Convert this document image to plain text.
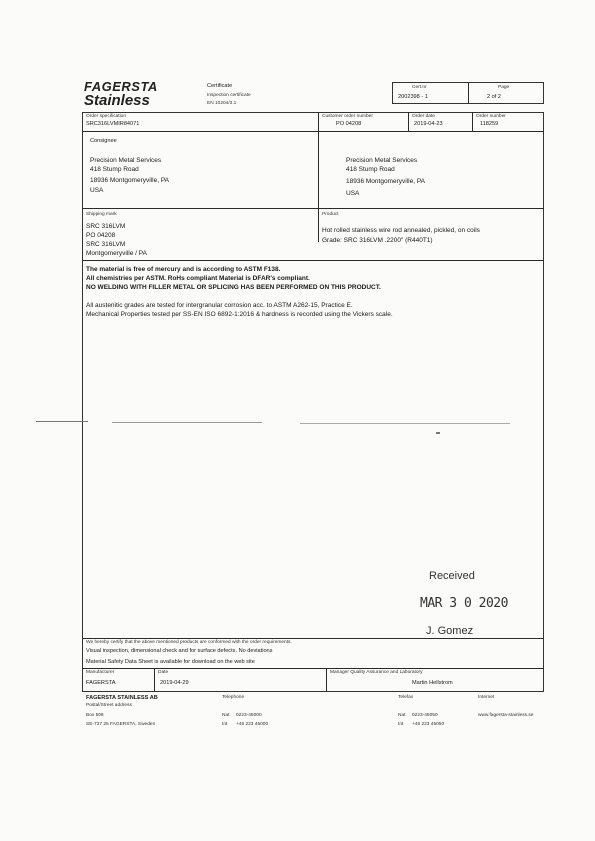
FAGERSTA
Stainless
Certificate
Inspection certificate
EN 10204/3.1
Cert.nr
2002398 - 1
Page
2 of 2
Order specification
SRC316LVMIR84071
Customer order number
PO 04208
Order date
2019-04-23
Order number
118259
Consignee
Precision Metal Services
418 Stump Road
18936 Montgomeryville, PA
USA
Precision Metal Services
418 Stump Road
18936 Montgomeryville, PA
USA
Shipping mark
SRC 316LVM
PO 04208
SRC 316LVM
Montgomeryville / PA
Product
Hot rolled stainless wire rod annealed, pickled, on coils
Grade: SRC 316LVM .2200" (R440T1)
The material is free of mercury and is according to ASTM F138.
All chemistries per ASTM. RoHs compliant Material is DFAR's compliant.
NO WELDING WITH FILLER METAL OR SPLICING HAS BEEN PERFORMED ON THIS PRODUCT.
All austenitic grades are tested for intergranular corrosion acc. to ASTM A262-15, Practice E.
Mechanical Properties tested per SS-EN ISO 6892-1:2016 & hardness is recorded using the Vickers scale.
Received
MAR 3 0 2020
J. Gomez
We hereby certify that the above mentioned products are conformed with the order requirements.
Visual inspection, dimensional check and for surface defects. No deviations
Material Safety Data Sheet is available for download on the web site
Manufacturer
FAGERSTA
Date
2019-04-29
Manager Quality Assurance and Laboratory
Martin Hellstrom
FAGERSTA STAINLESS AB
Postal/Street address
Box 508
SE-737 25 FAGERSTA, Sweden
Telephone
Nat 0223-45000
Int +46 223 45000
Telefax
Nat 0223-45050
Int +46 223 45050
Internet
www.fagersta-stainless.se
